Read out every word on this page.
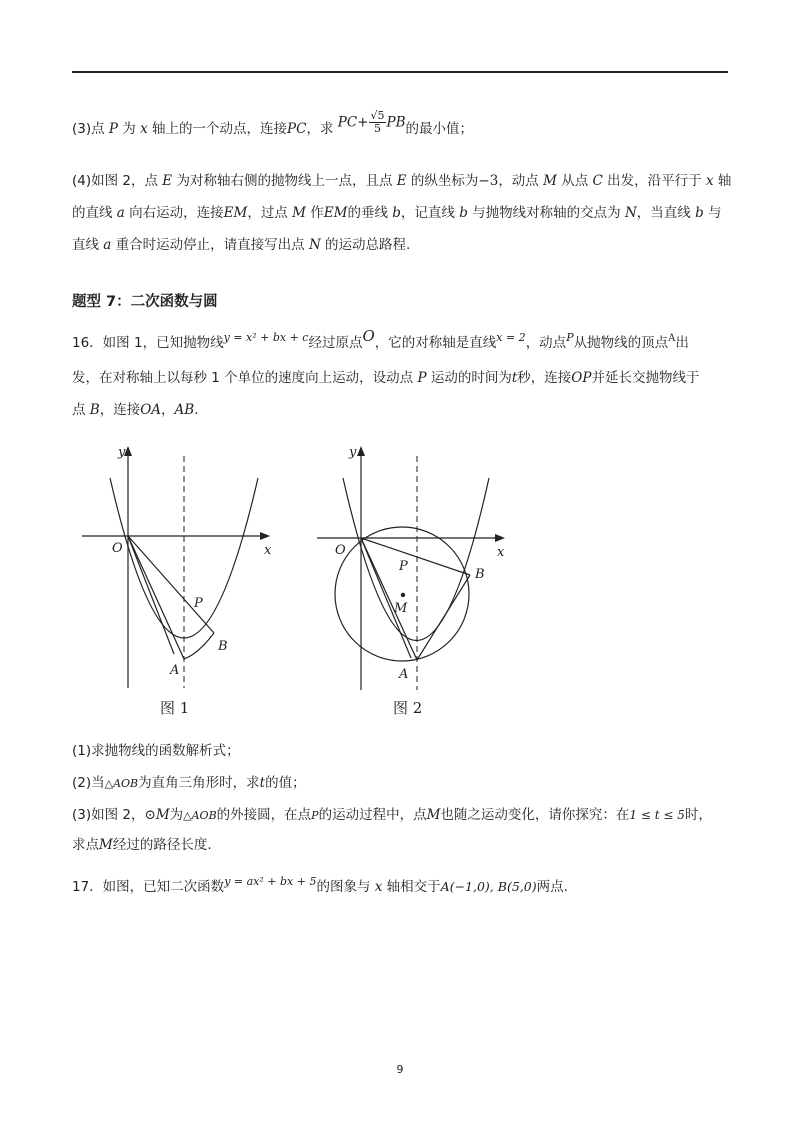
(3)点 P 为 x 轴上的一个动点，连接PC，求 $PC+ \frac{√5}{5}$ PB的最小值；
(4)如图 2，点 E 为对称轴右侧的抛物线上一点，且点 E 的纵坐标为−3，动点 M 从点 C 出发，沿平行于 x 轴
的直线 a 向右运动，连接EM，过点 M 作EM的垂线 b，记直线 b 与抛物线对称轴的交点为 N，当直线 b 与
直线 a 重合时运动停止，请直接写出点 N 的运动总路程.
题型 7：二次函数与圆
16．如图 1，已知抛物线$^{y = x^2 + bx + c}$经过原点O，它的对称轴是直线$^{x = 2}$，动点$^P$从抛物线的顶点$^A$出
发，在对称轴上以每秒 1 个单位的速度向上运动，设动点 P 运动的时间为t秒，连接OP并延长交抛物线于
点 B，连接OA，AB.
y
x
O
P
A
B
图 1
y
x
O
P
M
A
B
图 2
(1)求抛物线的函数解析式；
(2)当△AOB为直角三角形时，求t的值；
(3)如图 2，⊙M为△AOB的外接圆，在点P的运动过程中，点M也随之运动变化，请你探究：在1 ≤ t ≤ 5时，
求点M经过的路径长度.
17．如图，已知二次函数$^{y = ax^2 + bx + 5}$的图象与 x 轴相交于A(−1,0), B(5,0)两点.
9
